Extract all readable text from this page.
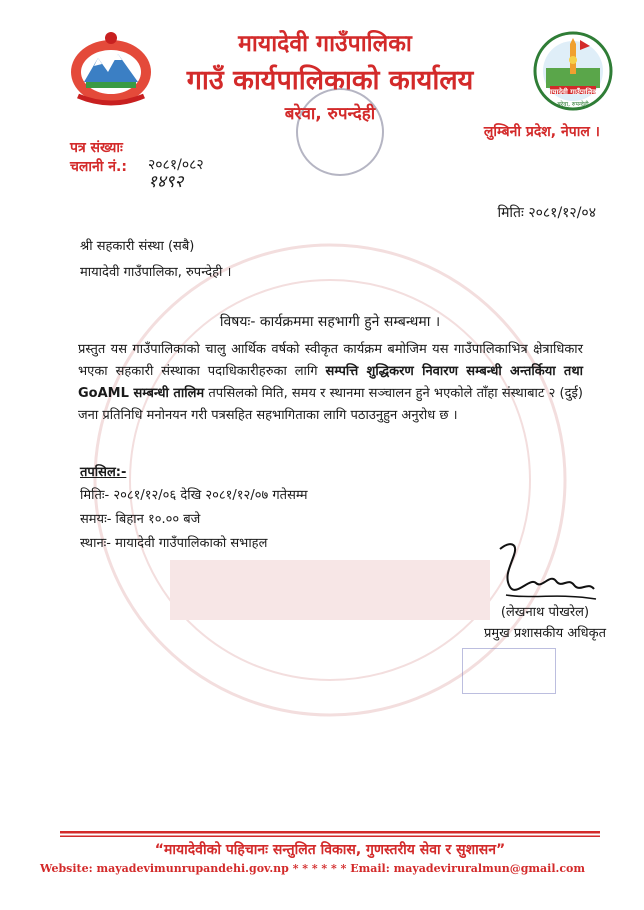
मायादेवी गाउँपालिका
बरेवा, रुपन्देही
मायादेवी गाउँपालिका
गाउँ कार्यपालिकाको कार्यालय
बरेवा, रुपन्देही
लुम्बिनी प्रदेश, नेपाल ।
पत्र संख्याः
चलानी नं.: २०८१/०८२
१४९२
मितिः २०८१/१२/०४
श्री सहकारी संस्था (सबै)
मायादेवी गाउँपालिका, रुपन्देही ।
विषयः- कार्यक्रममा सहभागी हुने सम्बन्धमा ।
प्रस्तुत यस गाउँपालिकाको चालु आर्थिक वर्षको स्वीकृत कार्यक्रम बमोजिम यस गाउँपालिकाभित्र क्षेत्राधिकार भएका सहकारी संस्थाका पदाधिकारीहरुका लागि सम्पत्ति शुद्धिकरण निवारण सम्बन्धी अन्तर्किया तथा GoAML सम्बन्धी तालिम तपसिलको मिति, समय र स्थानमा सञ्चालन हुने भएकोले ताँहा संस्थाबाट २ (दुई) जना प्रतिनिधि मनोनयन गरी पत्रसहित सहभागिताका लागि पठाउनुहुन अनुरोध छ ।
तपसिल:-
मितिः- २०८१/१२/०६ देखि २०८१/१२/०७ गतेसम्म
समयः- बिहान १०.०० बजे
स्थानः- मायादेवी गाउँपालिकाको सभाहल
(लेखनाथ पोखरेल)
प्रमुख प्रशासकीय अधिकृत
“मायादेवीको पहिचानः सन्तुलित विकास, गुणस्तरीय सेवा र सुशासन”
Website: mayadevimunrupandehi.gov.np * * * * * * Email: mayadeviruralmun@gmail.com
